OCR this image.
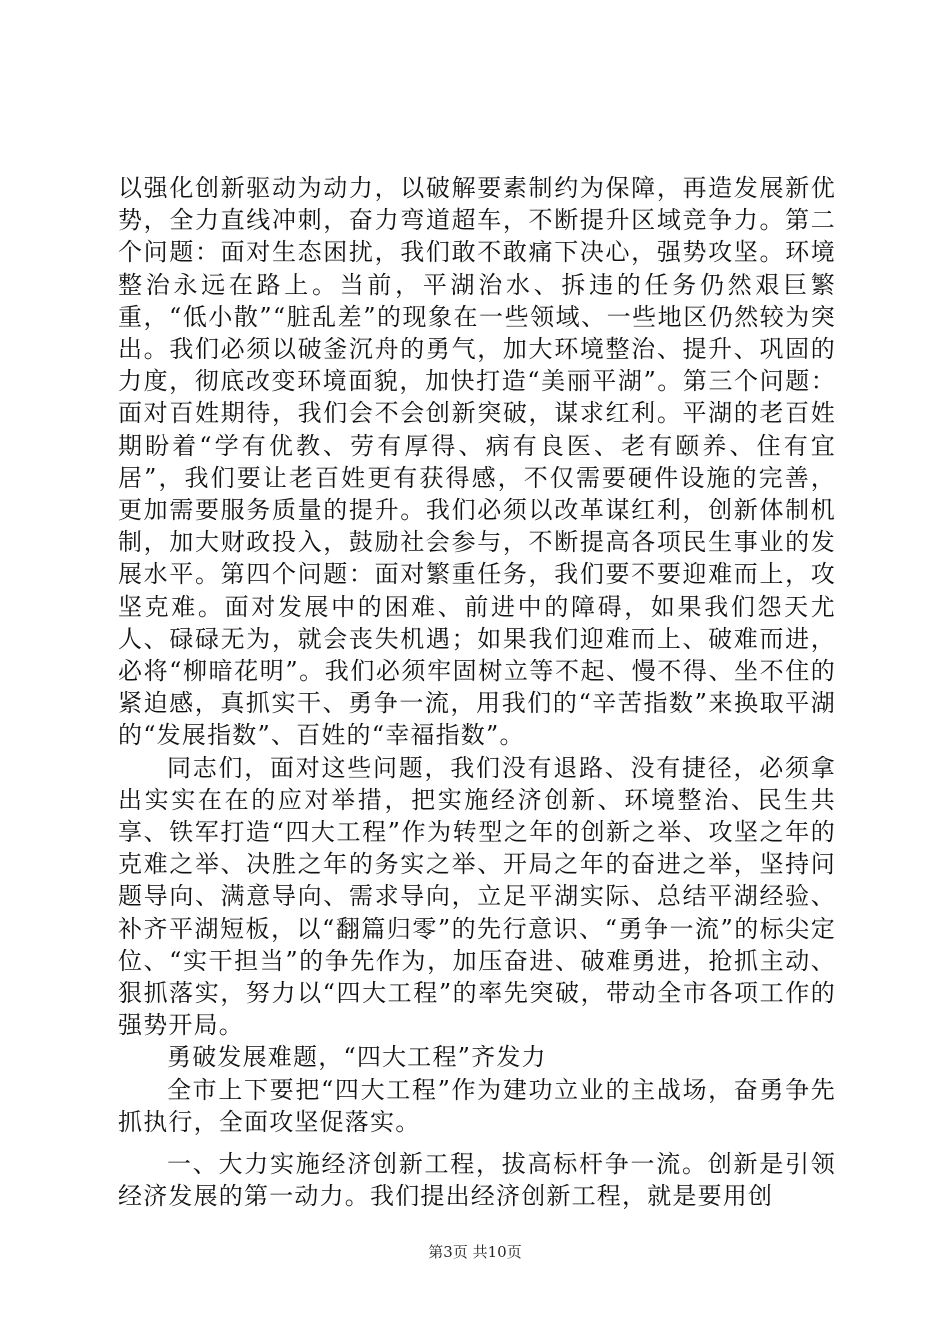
以强化创新驱动为动力，以破解要素制约为保障，再造发展新优势，全力直线冲刺，奋力弯道超车，不断提升区域竞争力。第二个问题：面对生态困扰，我们敢不敢痛下决心，强势攻坚。环境整治永远在路上。当前，平湖治水、拆违的任务仍然艰巨繁重，“低小散”“脏乱差”的现象在一些领域、一些地区仍然较为突出。我们必须以破釜沉舟的勇气，加大环境整治、提升、巩固的力度，彻底改变环境面貌，加快打造“美丽平湖”。第三个问题：面对百姓期待，我们会不会创新突破，谋求红利。平湖的老百姓期盼着“学有优教、劳有厚得、病有良医、老有颐养、住有宜居”，我们要让老百姓更有获得感，不仅需要硬件设施的完善，更加需要服务质量的提升。我们必须以改革谋红利，创新体制机制，加大财政投入，鼓励社会参与，不断提高各项民生事业的发展水平。第四个问题：面对繁重任务，我们要不要迎难而上，攻坚克难。面对发展中的困难、前进中的障碍，如果我们怨天尤人、碌碌无为，就会丧失机遇；如果我们迎难而上、破难而进，必将“柳暗花明”。我们必须牢固树立等不起、慢不得、坐不住的紧迫感，真抓实干、勇争一流，用我们的“辛苦指数”来换取平湖的“发展指数”、百姓的“幸福指数”。

同志们，面对这些问题，我们没有退路、没有捷径，必须拿出实实在在的应对举措，把实施经济创新、环境整治、民生共享、铁军打造“四大工程”作为转型之年的创新之举、攻坚之年的克难之举、决胜之年的务实之举、开局之年的奋进之举，坚持问题导向、满意导向、需求导向，立足平湖实际、总结平湖经验、补齐平湖短板，以“翻篇归零”的先行意识、“勇争一流”的标尖定位、“实干担当”的争先作为，加压奋进、破难勇进，抢抓主动、狠抓落实，努力以“四大工程”的率先突破，带动全市各项工作的强势开局。

勇破发展难题，“四大工程”齐发力

全市上下要把“四大工程”作为建功立业的主战场，奋勇争先抓执行，全面攻坚促落实。

一、大力实施经济创新工程，拔高标杆争一流。创新是引领经济发展的第一动力。我们提出经济创新工程，就是要用创

第3页 共10页
